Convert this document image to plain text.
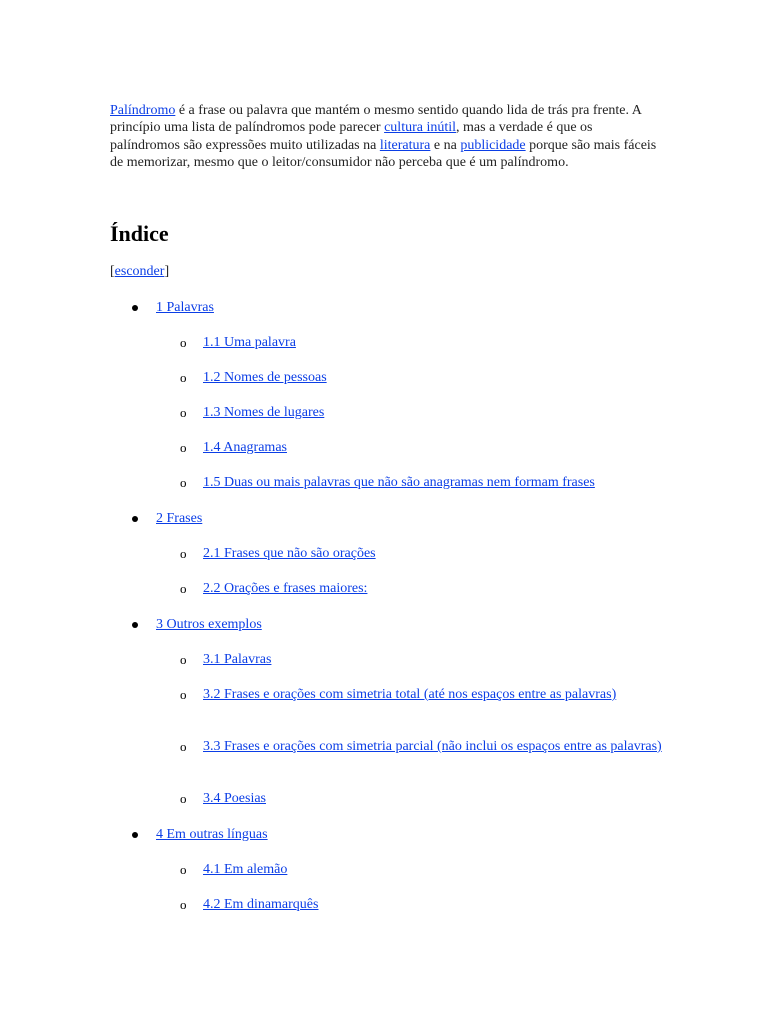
Palíndromo é a frase ou palavra que mantém o mesmo sentido quando lida de trás pra frente. A princípio uma lista de palíndromos pode parecer cultura inútil, mas a verdade é que os palíndromos são expressões muito utilizadas na literatura e na publicidade porque são mais fáceis de memorizar, mesmo que o leitor/consumidor não perceba que é um palíndromo.

Índice
[esconder]
1 Palavras
o 1.1 Uma palavra
o 1.2 Nomes de pessoas
o 1.3 Nomes de lugares
o 1.4 Anagramas
o 1.5 Duas ou mais palavras que não são anagramas nem formam frases
2 Frases
o 2.1 Frases que não são orações
o 2.2 Orações e frases maiores:
3 Outros exemplos
o 3.1 Palavras
o 3.2 Frases e orações com simetria total (até nos espaços entre as palavras)
o 3.3 Frases e orações com simetria parcial (não inclui os espaços entre as palavras)
o 3.4 Poesias
4 Em outras línguas
o 4.1 Em alemão
o 4.2 Em dinamarquês
